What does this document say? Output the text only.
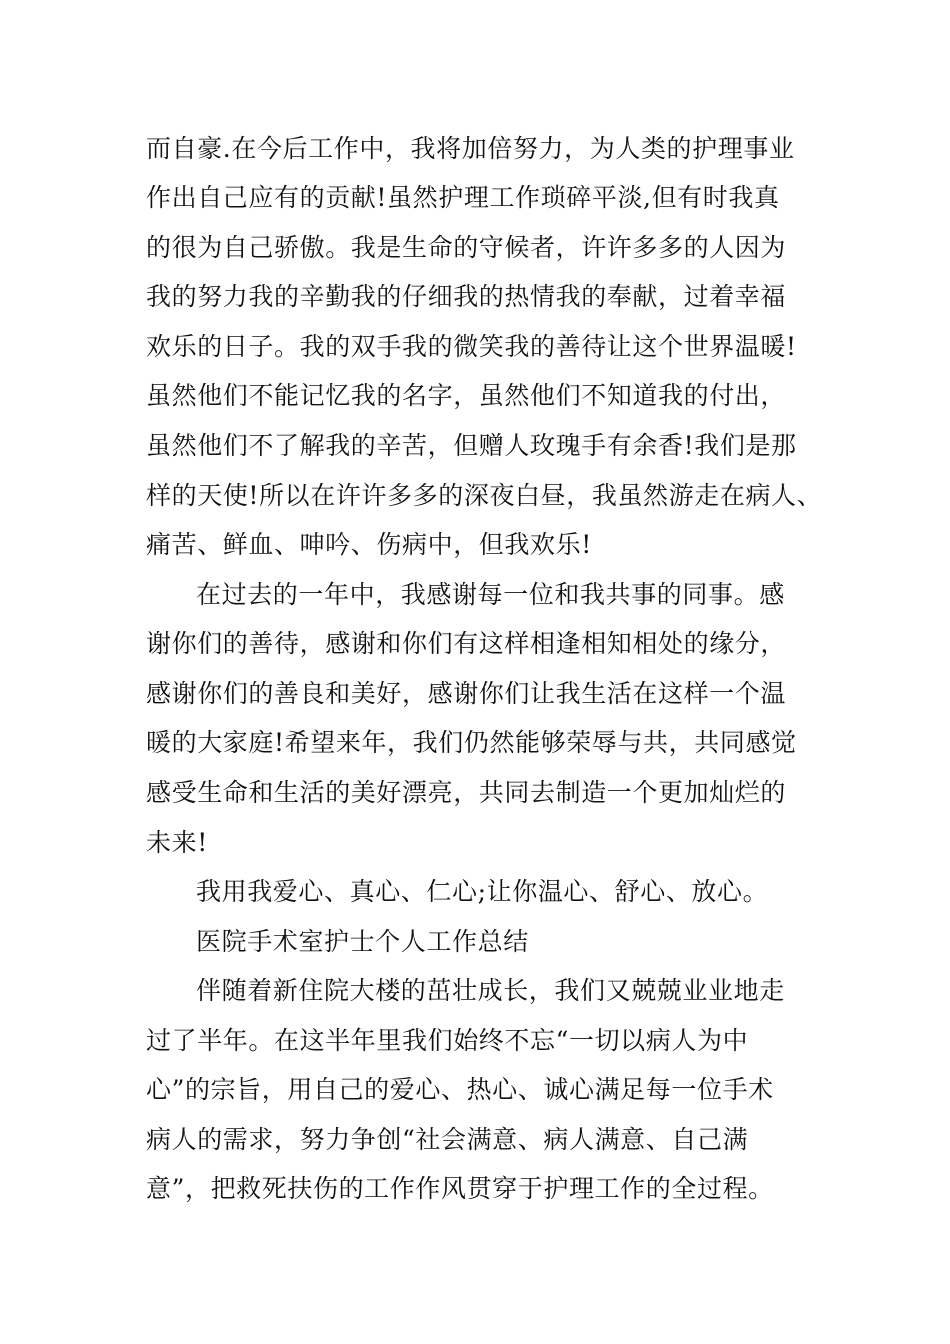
而自豪.在今后工作中，我将加倍努力，为人类的护理事业
作出自己应有的贡献!虽然护理工作琐碎平淡,但有时我真
的很为自己骄傲。我是生命的守候者，许许多多的人因为
我的努力我的辛勤我的仔细我的热情我的奉献，过着幸福
欢乐的日子。我的双手我的微笑我的善待让这个世界温暖!
虽然他们不能记忆我的名字，虽然他们不知道我的付出，
虽然他们不了解我的辛苦，但赠人玫瑰手有余香!我们是那
样的天使!所以在许许多多的深夜白昼，我虽然游走在病人、
痛苦、鲜血、呻吟、伤病中，但我欢乐!
在过去的一年中，我感谢每一位和我共事的同事。感
谢你们的善待，感谢和你们有这样相逢相知相处的缘分，
感谢你们的善良和美好，感谢你们让我生活在这样一个温
暖的大家庭!希望来年，我们仍然能够荣辱与共，共同感觉
感受生命和生活的美好漂亮，共同去制造一个更加灿烂的
未来!
我用我爱心、真心、仁心;让你温心、舒心、放心。
医院手术室护士个人工作总结
伴随着新住院大楼的茁壮成长，我们又兢兢业业地走
过了半年。在这半年里我们始终不忘“一切以病人为中
心”的宗旨，用自己的爱心、热心、诚心满足每一位手术
病人的需求，努力争创“社会满意、病人满意、自己满
意”，把救死扶伤的工作作风贯穿于护理工作的全过程。
